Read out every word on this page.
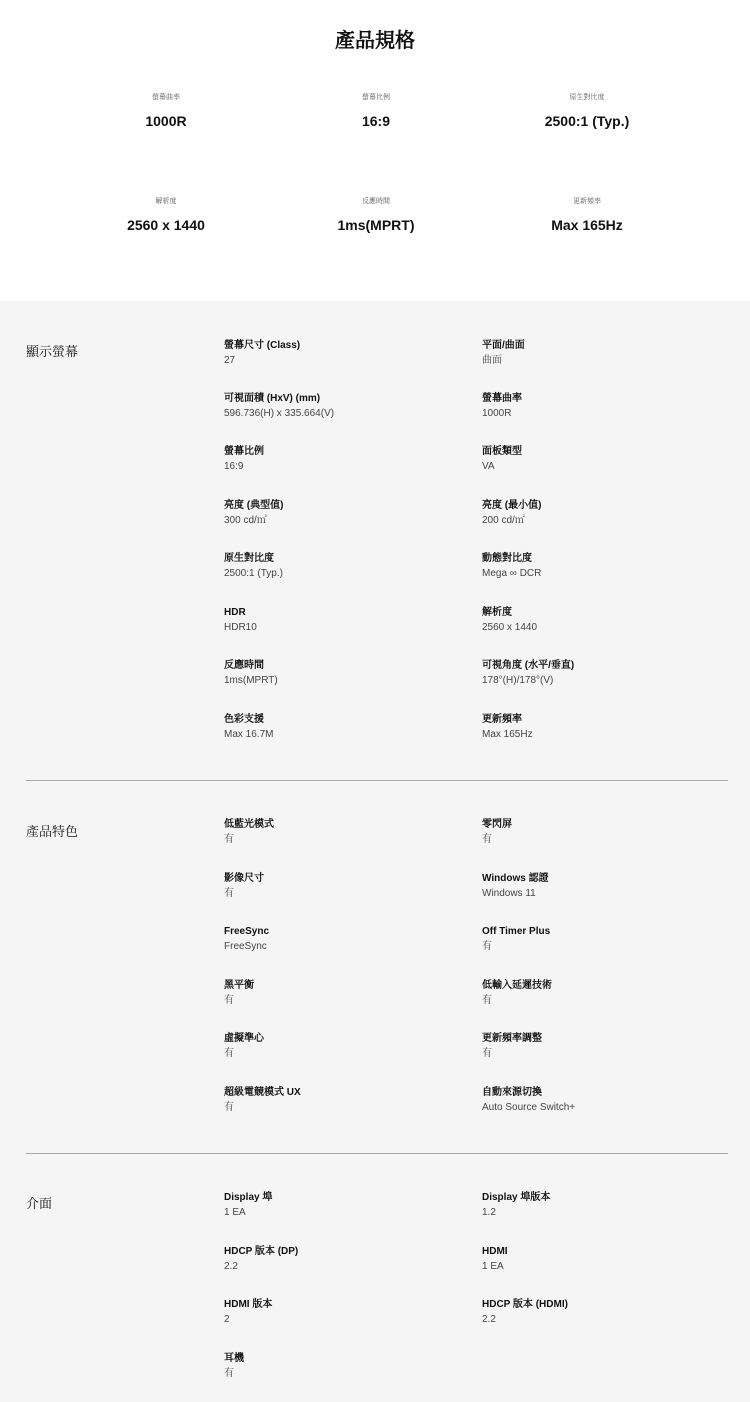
產品規格
螢幕曲率
1000R
螢幕比例
16:9
原生對比度
2500:1 (Typ.)
解析度
2560 x 1440
反應時間
1ms(MPRT)
更新頻率
Max 165Hz
顯示螢幕	螢幕尺寸 (Class)
27
平面/曲面
曲面
可視面積 (HxV) (mm)
596.736(H) x 335.664(V)
螢幕曲率
1000R
螢幕比例
16:9
面板類型
VA
亮度 (典型值)
300 cd/㎡
亮度 (最小值)
200 cd/㎡
原生對比度
2500:1 (Typ.)
動態對比度
Mega ∞ DCR
HDR
HDR10
解析度
2560 x 1440
反應時間
1ms(MPRT)
可視角度 (水平/垂直)
178°(H)/178°(V)
色彩支援
Max 16.7M
更新頻率
Max 165Hz
產品特色	低藍光模式
有
零閃屏
有
影像尺寸
有
Windows 認證
Windows 11
FreeSync
FreeSync
Off Timer Plus
有
黑平衡
有
低輸入延遲技術
有
虛擬準心
有
更新頻率調整
有
超級電競模式 UX
有
自動來源切換
Auto Source Switch+
介面	Display 埠
1 EA
Display 埠版本
1.2
HDCP 版本 (DP)
2.2
HDMI
1 EA
HDMI 版本
2
HDCP 版本 (HDMI)
2.2
耳機
有
